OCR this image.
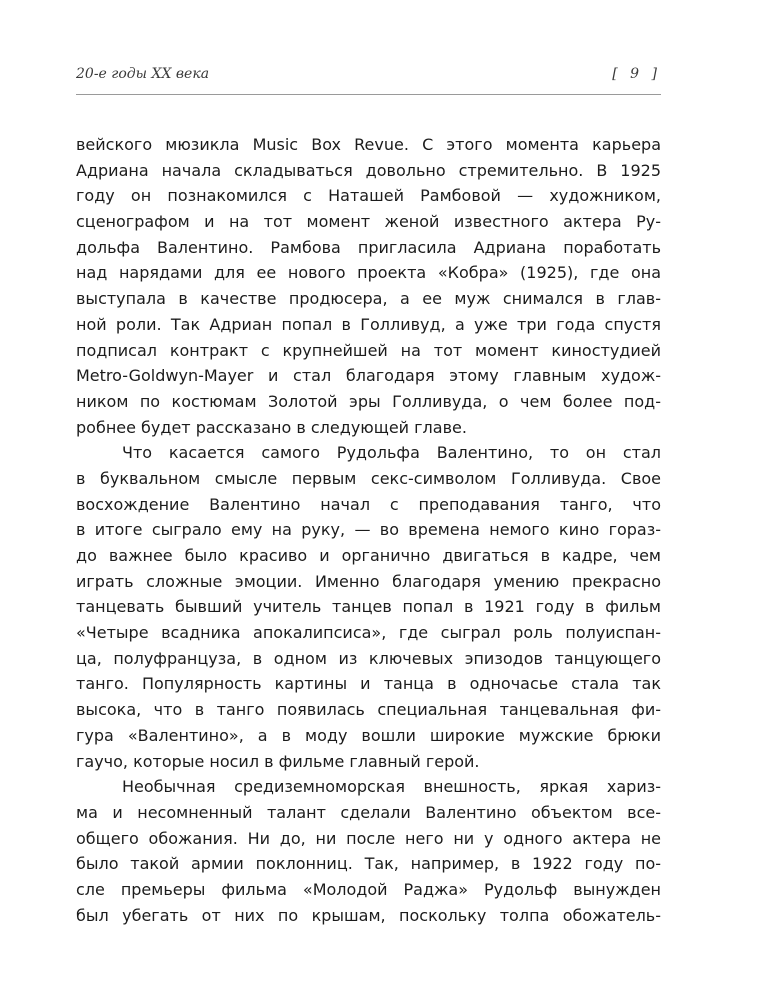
20-е годы XX века	[ 9 ]
вейского мюзикла Music Box Revue. С этого момента карьера
Адриана начала складываться довольно стремительно. В 1925
году он познакомился с Наташей Рамбовой — художником,
сценографом и на тот момент женой известного актера Ру-
дольфа Валентино. Рамбова пригласила Адриана поработать
над нарядами для ее нового проекта «Кобра» (1925), где она
выступала в качестве продюсера, а ее муж снимался в глав-
ной роли. Так Адриан попал в Голливуд, а уже три года спустя
подписал контракт с крупнейшей на тот момент киностудией
Metro-Goldwyn-Mayer и стал благодаря этому главным худож-
ником по костюмам Золотой эры Голливуда, о чем более под-
робнее будет рассказано в следующей главе.
Что касается самого Рудольфа Валентино, то он стал
в буквальном смысле первым секс-символом Голливуда. Свое
восхождение Валентино начал с преподавания танго, что
в итоге сыграло ему на руку, — во времена немого кино горaз-
до важнее было красиво и органично двигаться в кадре, чем
играть сложные эмоции. Именно благодаря умению прекрасно
танцевать бывший учитель танцев попал в 1921 году в фильм
«Четыре всадника апокалипсиса», где сыграл роль полуиспан-
ца, полуфранцуза, в одном из ключевых эпизодов танцующего
танго. Популярность картины и танца в одночасье стала так
высока, что в танго появилась специальная танцевальная фи-
гура «Валентино», а в моду вошли широкие мужские брюки
гаучо, которые носил в фильме главный герой.
Необычная средиземноморская внешность, яркая хариз-
ма и несомненный талант сделали Валентино объектом все-
общего обожания. Ни до, ни после него ни у одного актера не
было такой армии поклонниц. Так, например, в 1922 году по-
сле премьеры фильма «Молодой Раджа» Рудольф вынужден
был убегать от них по крышам, поскольку толпа обожатель-
